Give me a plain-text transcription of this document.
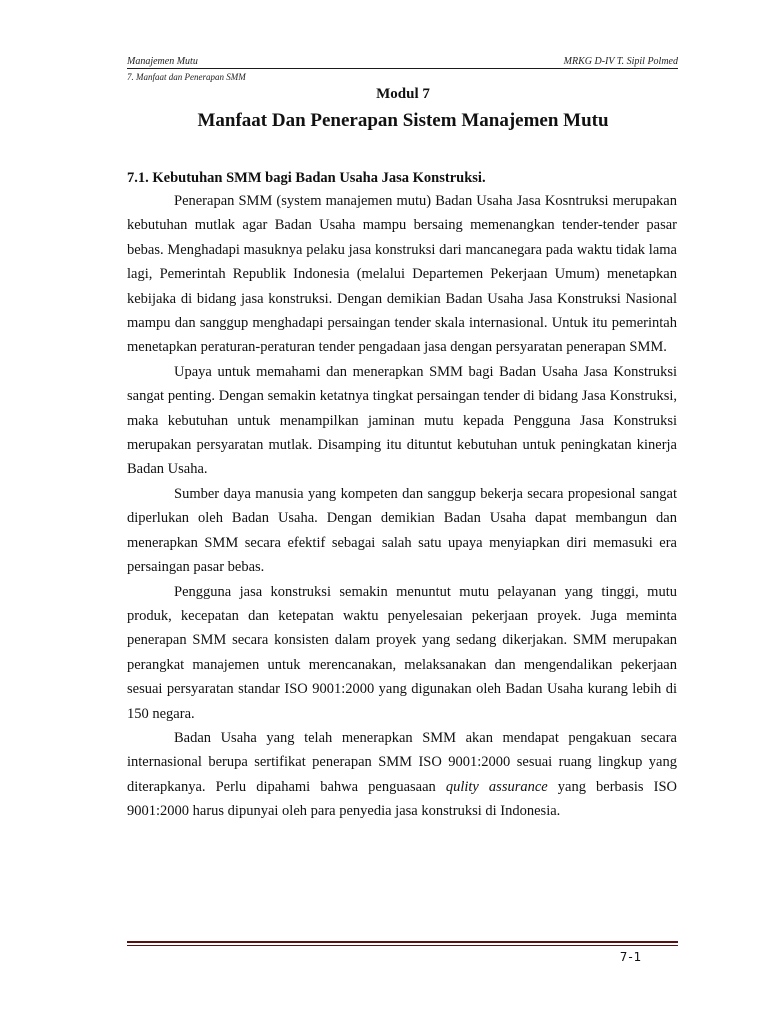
Manajemen Mutu	MRKG D-IV T. Sipil Polmed
7. Manfaat dan Penerapan SMM
Modul 7
Manfaat Dan Penerapan Sistem Manajemen Mutu
7.1. Kebutuhan SMM bagi Badan Usaha Jasa Konstruksi.

Penerapan SMM (system manajemen mutu) Badan Usaha Jasa Kosntruksi merupakan kebutuhan mutlak agar Badan Usaha mampu bersaing memenangkan tender-tender pasar bebas. Menghadapi masuknya pelaku jasa konstruksi dari mancanegara pada waktu tidak lama lagi, Pemerintah Republik Indonesia (melalui Departemen Pekerjaan Umum) menetapkan kebijaka di bidang jasa konstruksi. Dengan demikian Badan Usaha Jasa Konstruksi Nasional mampu dan sanggup menghadapi persaingan tender skala internasional. Untuk itu pemerintah menetapkan peraturan-peraturan tender pengadaan jasa dengan persyaratan penerapan SMM.

Upaya untuk memahami dan menerapkan SMM bagi Badan Usaha Jasa Konstruksi sangat penting. Dengan semakin ketatnya tingkat persaingan tender di bidang Jasa Konstruksi, maka kebutuhan untuk menampilkan jaminan mutu kepada Pengguna Jasa Konstruksi merupakan persyaratan mutlak. Disamping itu dituntut kebutuhan untuk peningkatan kinerja Badan Usaha.

Sumber daya manusia yang kompeten dan sanggup bekerja secara propesional sangat diperlukan oleh Badan Usaha. Dengan demikian Badan Usaha dapat membangun dan menerapkan SMM secara efektif sebagai salah satu upaya menyiapkan diri memasuki era persaingan pasar bebas.

Pengguna jasa konstruksi semakin menuntut mutu pelayanan yang tinggi, mutu produk, kecepatan dan ketepatan waktu penyelesaian pekerjaan proyek. Juga meminta penerapan SMM secara konsisten dalam proyek yang sedang dikerjakan. SMM merupakan perangkat manajemen untuk merencanakan, melaksanakan dan mengendalikan pekerjaan sesuai persyaratan standar ISO 9001:2000 yang digunakan oleh Badan Usaha kurang lebih di 150 negara.

Badan Usaha yang telah menerapkan SMM akan mendapat pengakuan secara internasional berupa sertifikat penerapan SMM ISO 9001:2000 sesuai ruang lingkup yang diterapkanya. Perlu dipahami bahwa penguasaan qulity assurance yang berbasis ISO 9001:2000 harus dipunyai oleh para penyedia jasa konstruksi di Indonesia.

7-1
